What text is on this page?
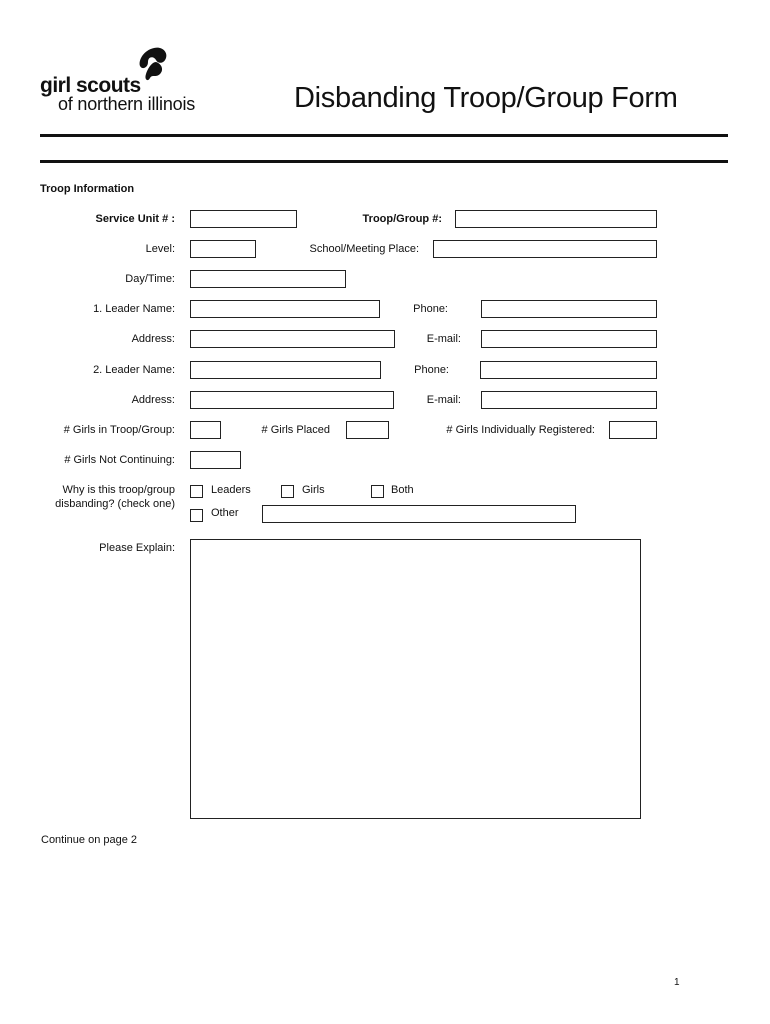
girl scouts
of northern illinois	Disbanding Troop/Group Form
Troop Information
Service Unit # :	Troop/Group #:
Level:	School/Meeting Place:
Day/Time:
1. Leader Name:	Phone:
Address:	E-mail:
2. Leader Name:	Phone:
Address:	E-mail:
# Girls in Troop/Group:	# Girls Placed	# Girls Individually Registered:
# Girls Not Continuing:
Why is this troop/group
disbanding? (check one)
Leaders	Girls	Both
Other
Please Explain:
Continue on page 2
1
